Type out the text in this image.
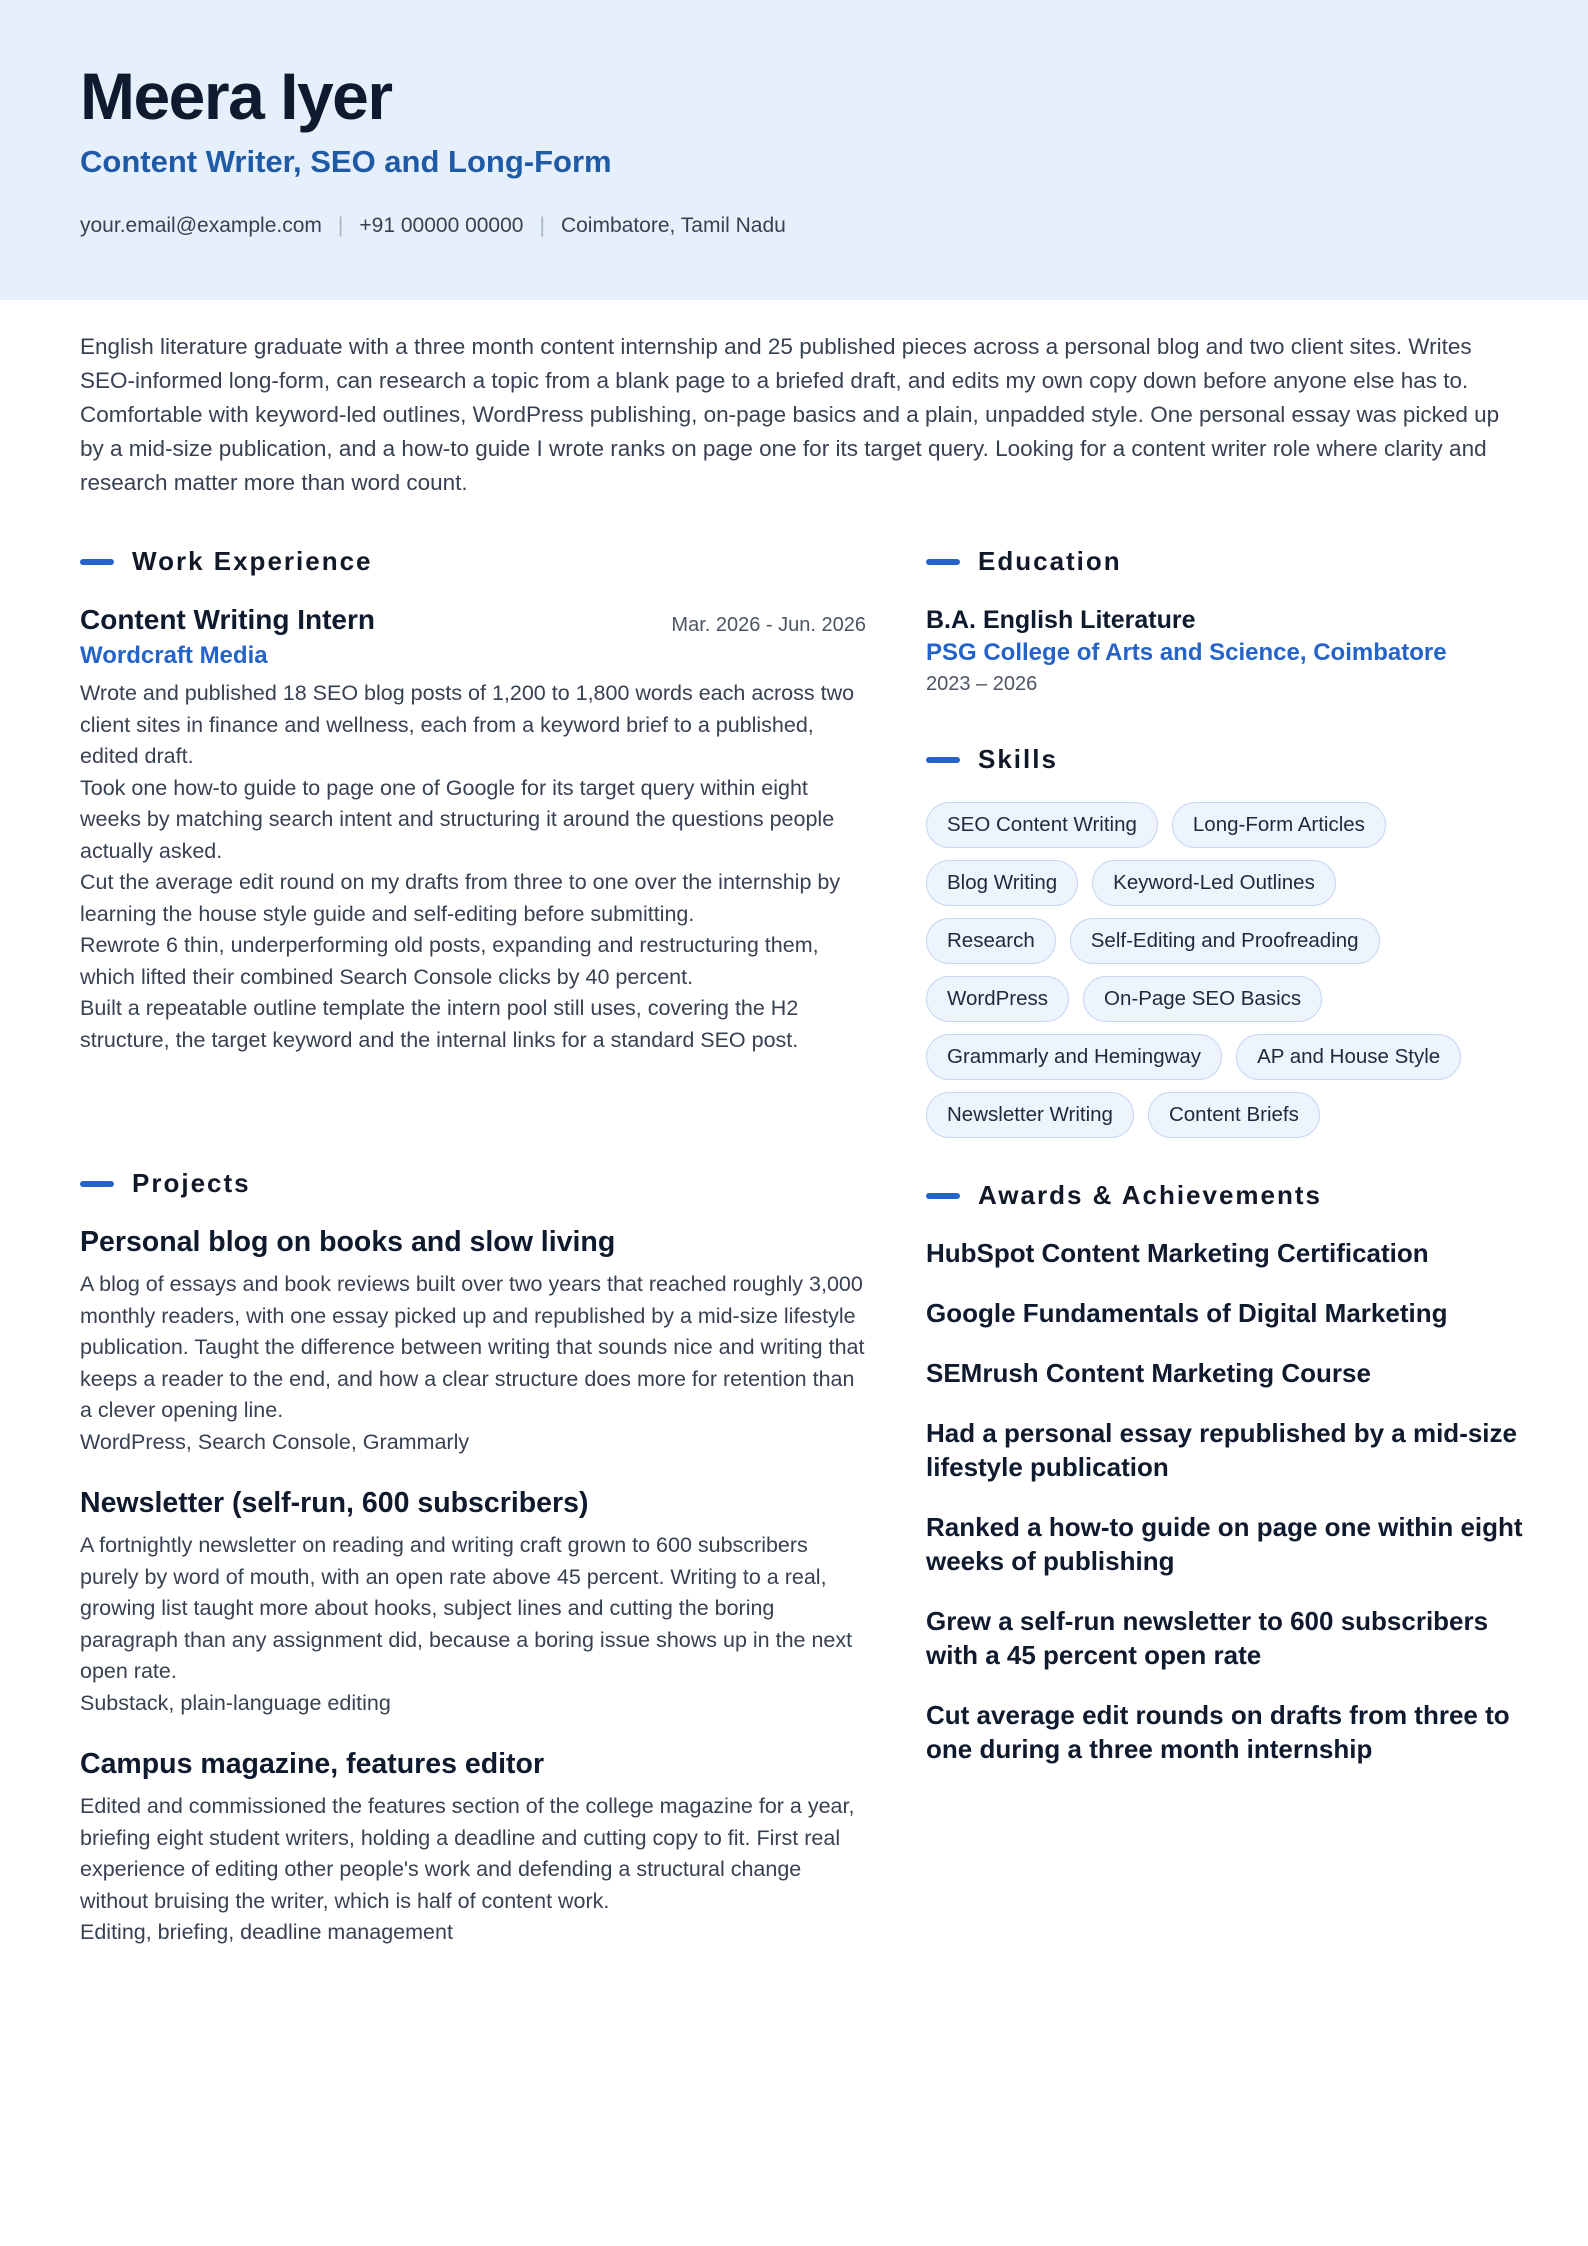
Meera Iyer
Content Writer, SEO and Long-Form
your.email@example.com | +91 00000 00000 | Coimbatore, Tamil Nadu
English literature graduate with a three month content internship and 25 published pieces across a personal blog and two client sites. Writes SEO-informed long-form, can research a topic from a blank page to a briefed draft, and edits my own copy down before anyone else has to. Comfortable with keyword-led outlines, WordPress publishing, on-page basics and a plain, unpadded style. One personal essay was picked up by a mid-size publication, and a how-to guide I wrote ranks on page one for its target query. Looking for a content writer role where clarity and research matter more than word count.
Work Experience
Content Writing Intern	Mar. 2026 - Jun. 2026
Wordcraft Media
Wrote and published 18 SEO blog posts of 1,200 to 1,800 words each across two client sites in finance and wellness, each from a keyword brief to a published, edited draft.
Took one how-to guide to page one of Google for its target query within eight weeks by matching search intent and structuring it around the questions people actually asked.
Cut the average edit round on my drafts from three to one over the internship by learning the house style guide and self-editing before submitting.
Rewrote 6 thin, underperforming old posts, expanding and restructuring them, which lifted their combined Search Console clicks by 40 percent.
Built a repeatable outline template the intern pool still uses, covering the H2 structure, the target keyword and the internal links for a standard SEO post.
Projects
Personal blog on books and slow living
A blog of essays and book reviews built over two years that reached roughly 3,000 monthly readers, with one essay picked up and republished by a mid-size lifestyle publication. Taught the difference between writing that sounds nice and writing that keeps a reader to the end, and how a clear structure does more for retention than a clever opening line.
WordPress, Search Console, Grammarly
Newsletter (self-run, 600 subscribers)
A fortnightly newsletter on reading and writing craft grown to 600 subscribers purely by word of mouth, with an open rate above 45 percent. Writing to a real, growing list taught more about hooks, subject lines and cutting the boring paragraph than any assignment did, because a boring issue shows up in the next open rate.
Substack, plain-language editing
Campus magazine, features editor
Edited and commissioned the features section of the college magazine for a year, briefing eight student writers, holding a deadline and cutting copy to fit. First real experience of editing other people's work and defending a structural change without bruising the writer, which is half of content work.
Editing, briefing, deadline management
Education
B.A. English Literature
PSG College of Arts and Science, Coimbatore
2023 – 2026
Skills
SEO Content Writing	Long-Form Articles
Blog Writing	Keyword-Led Outlines
Research	Self-Editing and Proofreading
WordPress	On-Page SEO Basics
Grammarly and Hemingway	AP and House Style
Newsletter Writing	Content Briefs
Awards & Achievements
HubSpot Content Marketing Certification
Google Fundamentals of Digital Marketing
SEMrush Content Marketing Course
Had a personal essay republished by a mid-size lifestyle publication
Ranked a how-to guide on page one within eight weeks of publishing
Grew a self-run newsletter to 600 subscribers with a 45 percent open rate
Cut average edit rounds on drafts from three to one during a three month internship
